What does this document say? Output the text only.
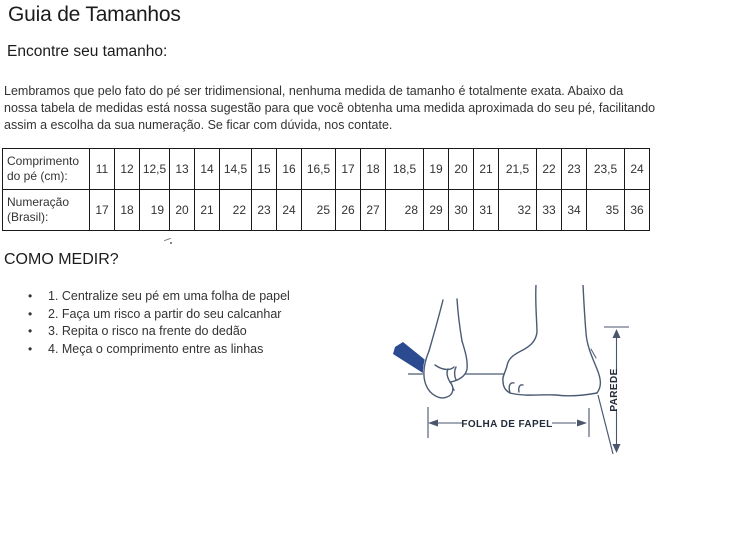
Guia de Tamanhos
Encontre seu tamanho:
Lembramos que pelo fato do pé ser tridimensional, nenhuma medida de tamanho é totalmente exata. Abaixo da
nossa tabela de medidas está nossa sugestão para que você obtenha uma medida aproximada do seu pé, facilitando
assim a escolha da sua numeração. Se ficar com dúvida, nos contate.
Comprimento do pé (cm):	11	12	12,5	13	14	14,5	15	16	16,5	17	18	18,5	19	20	21	21,5	22	23	23,5	24
Numeração (Brasil):	17	18	19	20	21	22	23	24	25	26	27	28	29	30	31	32	33	34	35	36
COMO MEDIR?
• 1. Centralize seu pé em uma folha de papel
• 2. Faça um risco a partir do seu calcanhar
• 3. Repita o risco na frente do dedão
• 4. Meça o comprimento entre as linhas
FOLHA DE FAPEL
PAREDE
